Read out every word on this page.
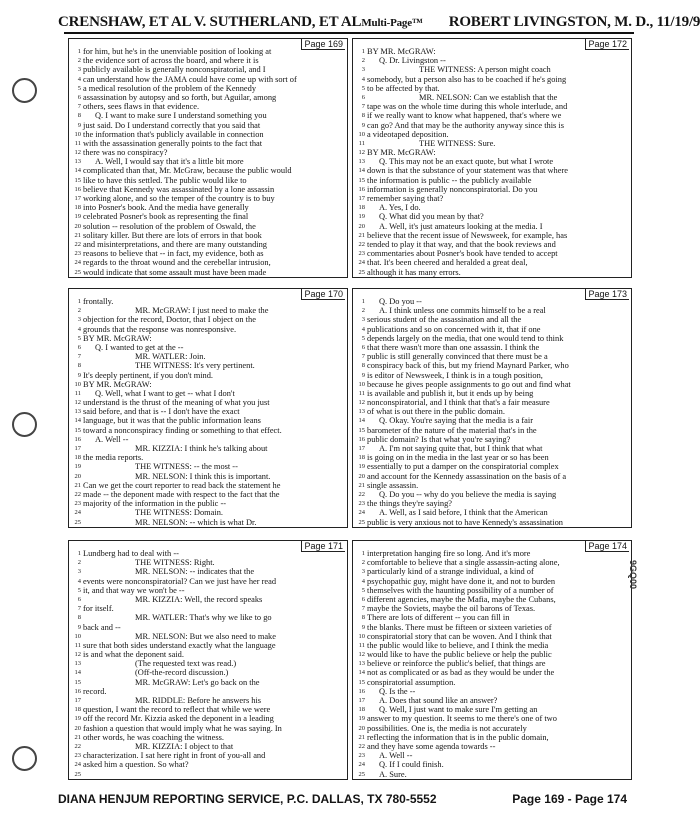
CRENSHAW, ET AL V. SUTHERLAND, ET ALMulti-Page™ ROBERT LIVINGSTON, M. D., 11/19/9
Page 169
1 for him, but he's in the unenviable position of looking at
2 the evidence sort of across the board, and where it is
3 publicly available is generally nonconspiratorial, and I
4 can understand how the JAMA could have come up with sort of
5 a medical resolution of the problem of the Kennedy
6 assassination by autopsy and so forth, but Aguilar, among
7 others, sees flaws in that evidence.
8 Q. I want to make sure I understand something you
9 just said. Do I understand correctly that you said that
10 the information that's publicly available in connection
11 with the assassination generally points to the fact that
12 there was no conspiracy?
13 A. Well, I would say that it's a little bit more
14 complicated than that, Mr. McGraw, because the public would
15 like to have this settled. The public would like to
16 believe that Kennedy was assassinated by a lone assassin
17 working alone, and so the temper of the country is to buy
18 into Posner's book. And the media have generally
19 celebrated Posner's book as representing the final
20 solution -- resolution of the problem of Oswald, the
21 solitary killer. But there are lots of errors in that book
22 and misinterpretations, and there are many outstanding
23 reasons to believe that -- in fact, my evidence, both as
24 regards to the throat wound and the cerebellar intrusion,
25 would indicate that some assault must have been made
Page 172
1 BY MR. McGRAW:
2 Q. Dr. Livingston --
3	THE WITNESS: A person might coach
4 somebody, but a person also has to be coached if he's going
5 to be affected by that.
6	MR. NELSON: Can we establish that the
7 tape was on the whole time during this whole interlude, and
8 if we really want to know what happened, that's where we
9 can go? And that may be the authority anyway since this is
10 a videotaped deposition.
11	THE WITNESS: Sure.
12 BY MR. McGRAW:
13 Q. This may not be an exact quote, but what I wrote
14 down is that the substance of your statement was that where
15 the information is public -- the publicly available
16 information is generally nonconspiratorial. Do you
17 remember saying that?
18 A. Yes, I do.
19 Q. What did you mean by that?
20 A. Well, it's just amateurs looking at the media. I
21 believe that the recent issue of Newsweek, for example, has
22 tended to play it that way, and that the book reviews and
23 commentaries about Posner's book have tended to accept
24 that. It's been cheered and heralded a great deal,
25 although it has many errors.
Page 170
1 frontally.
2	MR. McGRAW: I just need to make the
3 objection for the record, Doctor, that I object on the
4 grounds that the response was nonresponsive.
5 BY MR. McGRAW:
6 Q. I wanted to get at the --
7	MR. WATLER: Join.
8	THE WITNESS: It's very pertinent.
9 It's deeply pertinent, if you don't mind.
10 BY MR. McGRAW:
11 Q. Well, what I want to get -- what I don't
12 understand is the thrust of the meaning of what you just
13 said before, and that is -- I don't have the exact
14 language, but it was that the public information leans
15 toward a nonconspiracy finding or something to that effect.
16 A. Well --
17	MR. KIZZIA: I think he's talking about
18 the media reports.
19	THE WITNESS: -- the most --
20	MR. NELSON: I think this is important.
21 Can we get the court reporter to read back the statement he
22 made -- the deponent made with respect to the fact that the
23 majority of the information in the public --
24	THE WITNESS: Domain.
25	MR. NELSON: -- which is what Dr.
Page 173
1 Q. Do you --
2 A. I think unless one commits himself to be a real
3 serious student of the assassination and all the
4 publications and so on concerned with it, that if one
5 depends largely on the media, that one would tend to think
6 that there wasn't more than one assassin. I think the
7 public is still generally convinced that there must be a
8 conspiracy back of this, but my friend Maynard Parker, who
9 is editor of Newsweek, I think is in a tough position,
10 because he gives people assignments to go out and find what
11 is available and publish it, but it ends up by being
12 nonconspiratorial, and I think that that's a fair measure
13 of what is out there in the public domain.
14 Q. Okay. You're saying that the media is a fair
15 barometer of the nature of the material that's in the
16 public domain? Is that what you're saying?
17 A. I'm not saying quite that, but I think that what
18 is going on in the media in the last year or so has been
19 essentially to put a damper on the conspiratorial complex
20 and account for the Kennedy assassination on the basis of a
21 single assassin.
22 Q. Do you -- why do you believe the media is saying
23 the things they're saying?
24 A. Well, as I said before, I think that the American
25 public is very anxious not to have Kennedy's assassination
Page 171
1 Lundberg had to deal with --
2	THE WITNESS: Right.
3	MR. NELSON: -- indicates that the
4 events were nonconspiratorial? Can we just have her read
5 it, and that way we won't be --
6	MR. KIZZIA: Well, the record speaks
7 for itself.
8	MR. WATLER: That's why we like to go
9 back and --
10	MR. NELSON: But we also need to make
11 sure that both sides understand exactly what the language
12 is and what the deponent said.
13	(The requested text was read.)
14	(Off-the-record discussion.)
15	MR. McGRAW: Let's go back on the
16 record.
17	MR. RIDDLE: Before he answers his
18 question, I want the record to reflect that while we were
19 off the record Mr. Kizzia asked the deponent in a leading
20 fashion a question that would imply what he was saying. In
21 other words, he was coaching the witness.
22	MR. KIZZIA: I object to that
23 characterization. I sat here right in front of you-all and
24 asked him a question. So what?
25
Page 174
1 interpretation hanging fire so long. And it's more
2 comfortable to believe that a single assassin-acting alone,
3 particularly kind of a strange individual, a kind of
4 psychopathic guy, might have done it, and not to burden
5 themselves with the haunting possibility of a number of
6 different agencies, maybe the Mafia, maybe the Cubans,
7 maybe the Soviets, maybe the oil barons of Texas.
8 There are lots of different -- you can fill in
9 the blanks. There must be fifteen or sixteen varieties of
10 conspiratorial story that can be woven. And I think that
11 the public would like to believe, and I think the media
12 would like to have the public believe or help the public
13 believe or reinforce the public's belief, that things are
14 not as complicated or as bad as they would be under the
15 conspiratorial assumption.
16 Q. Is the --
17 A. Does that sound like an answer?
18 Q. Well, I just want to make sure I'm getting an
19 answer to my question. It seems to me there's one of two
20 possibilities. One is, the media is not accurately
21 reflecting the information that is in the public domain,
22 and they have some agenda towards --
23 A. Well --
24 Q. If I could finish.
25 A. Sure.
9GQ00
DIANA HENJUM REPORTING SERVICE, P.C. DALLAS, TX 780-5552	Page 169 - Page 174
